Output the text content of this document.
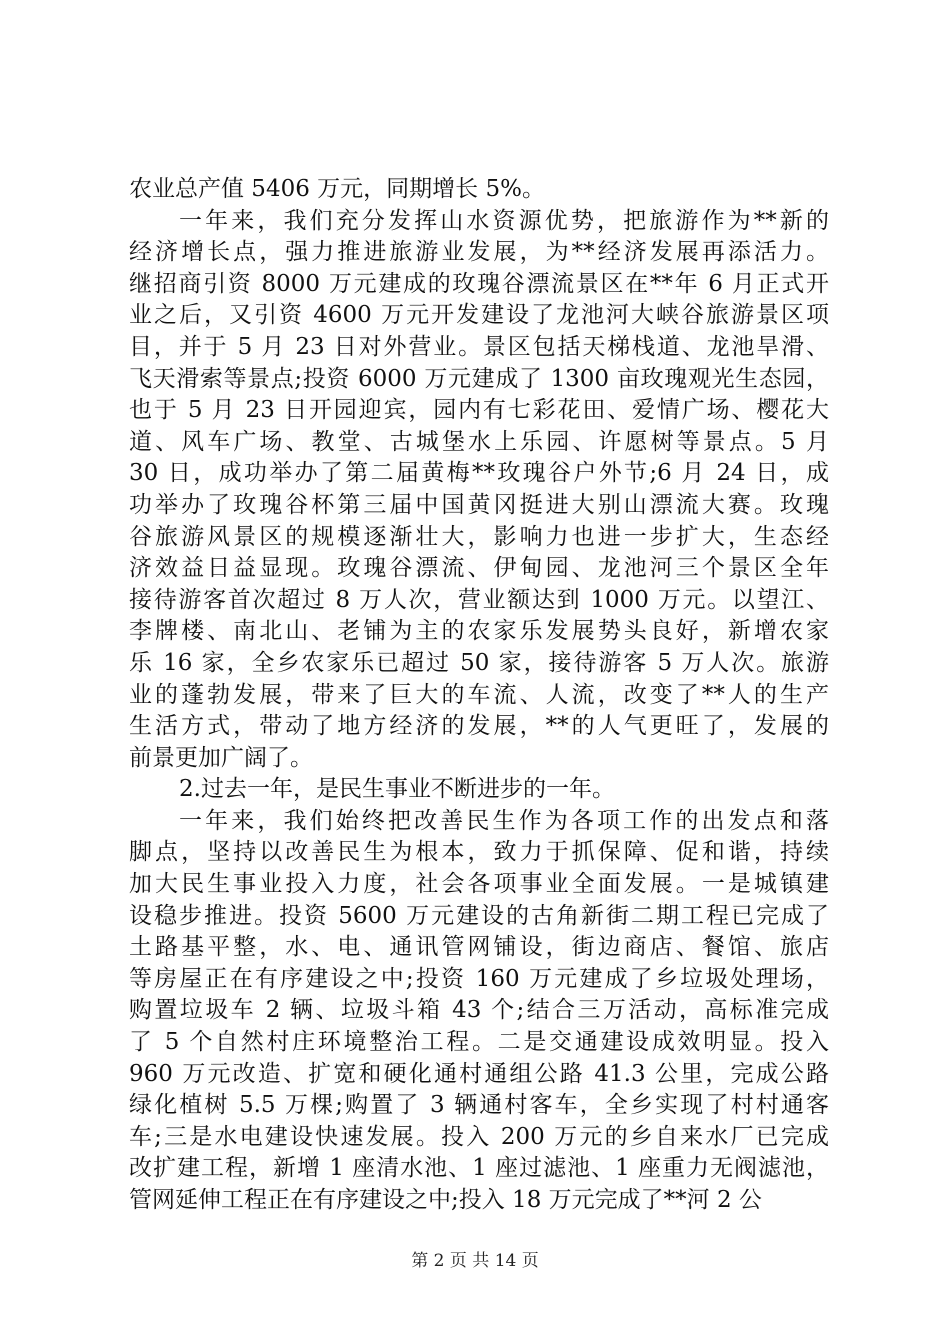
农业总产值 5406 万元，同期增长 5%。
一年来，我们充分发挥山水资源优势，把旅游作为**新的
经济增长点，强力推进旅游业发展，为**经济发展再添活力。
继招商引资 8000 万元建成的玫瑰谷漂流景区在**年 6 月正式开
业之后，又引资 4600 万元开发建设了龙池河大峡谷旅游景区项
目，并于 5 月 23 日对外营业。景区包括天梯栈道、龙池旱滑、
飞天滑索等景点;投资 6000 万元建成了 1300 亩玫瑰观光生态园，
也于 5 月 23 日开园迎宾，园内有七彩花田、爱情广场、樱花大
道、风车广场、教堂、古城堡水上乐园、许愿树等景点。5 月
30 日，成功举办了第二届黄梅**玫瑰谷户外节;6 月 24 日，成
功举办了玫瑰谷杯第三届中国黄冈挺进大别山漂流大赛。玫瑰
谷旅游风景区的规模逐渐壮大，影响力也进一步扩大，生态经
济效益日益显现。玫瑰谷漂流、伊甸园、龙池河三个景区全年
接待游客首次超过 8 万人次，营业额达到 1000 万元。以望江、
李牌楼、南北山、老铺为主的农家乐发展势头良好，新增农家
乐 16 家，全乡农家乐已超过 50 家，接待游客 5 万人次。旅游
业的蓬勃发展，带来了巨大的车流、人流，改变了**人的生产
生活方式，带动了地方经济的发展，**的人气更旺了，发展的
前景更加广阔了。
2.过去一年，是民生事业不断进步的一年。
一年来，我们始终把改善民生作为各项工作的出发点和落
脚点，坚持以改善民生为根本，致力于抓保障、促和谐，持续
加大民生事业投入力度，社会各项事业全面发展。一是城镇建
设稳步推进。投资 5600 万元建设的古角新街二期工程已完成了
土路基平整，水、电、通讯管网铺设，街边商店、餐馆、旅店
等房屋正在有序建设之中;投资 160 万元建成了乡垃圾处理场，
购置垃圾车 2 辆、垃圾斗箱 43 个;结合三万活动，高标准完成
了 5 个自然村庄环境整治工程。二是交通建设成效明显。投入
960 万元改造、扩宽和硬化通村通组公路 41.3 公里，完成公路
绿化植树 5.5 万棵;购置了 3 辆通村客车，全乡实现了村村通客
车;三是水电建设快速发展。投入 200 万元的乡自来水厂已完成
改扩建工程，新增 1 座清水池、1 座过滤池、1 座重力无阀滤池，
管网延伸工程正在有序建设之中;投入 18 万元完成了**河 2 公
第 2 页 共 14 页
